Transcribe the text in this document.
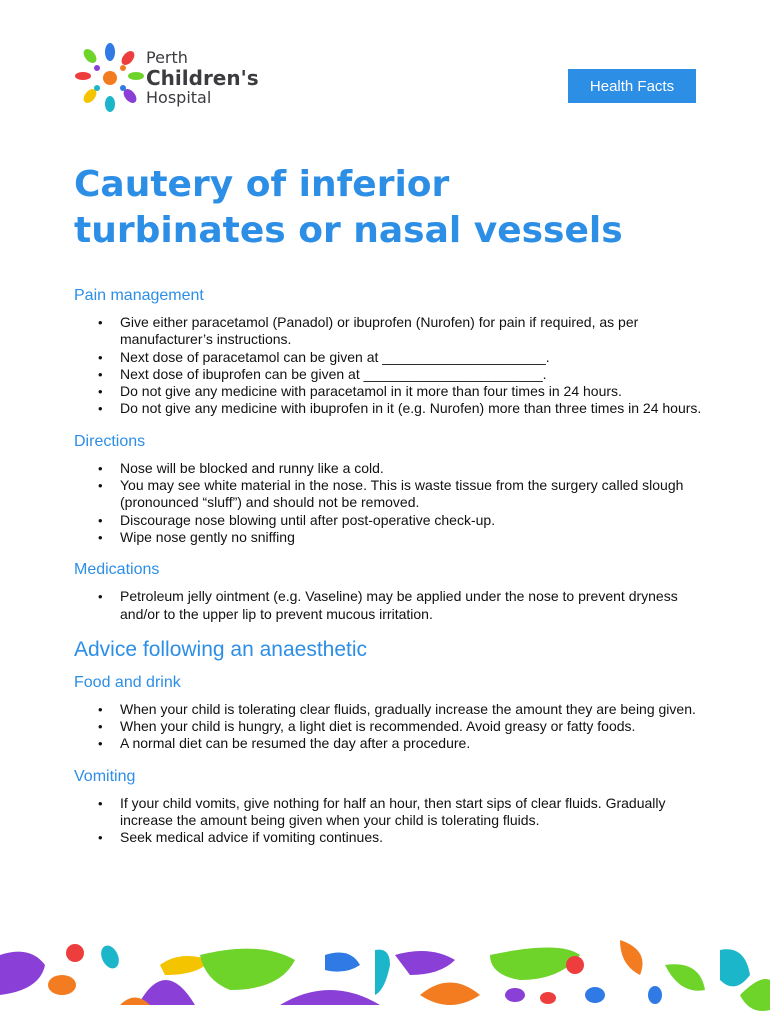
Perth
Children's
Hospital
Health Facts
Cautery of inferior
turbinates or nasal vessels
Pain management
• Give either paracetamol (Panadol) or ibuprofen (Nurofen) for pain if required, as per manufacturer’s instructions.
• Next dose of paracetamol can be given at _____________________.
• Next dose of ibuprofen can be given at _______________________.
• Do not give any medicine with paracetamol in it more than four times in 24 hours.
• Do not give any medicine with ibuprofen in it (e.g. Nurofen) more than three times in 24 hours.
Directions
• Nose will be blocked and runny like a cold.
• You may see white material in the nose. This is waste tissue from the surgery called slough (pronounced “sluff”) and should not be removed.
• Discourage nose blowing until after post-operative check-up.
• Wipe nose gently no sniffing
Medications
• Petroleum jelly ointment (e.g. Vaseline) may be applied under the nose to prevent dryness and/or to the upper lip to prevent mucous irritation.
Advice following an anaesthetic
Food and drink
• When your child is tolerating clear fluids, gradually increase the amount they are being given.
• When your child is hungry, a light diet is recommended. Avoid greasy or fatty foods.
• A normal diet can be resumed the day after a procedure.
Vomiting
• If your child vomits, give nothing for half an hour, then start sips of clear fluids. Gradually increase the amount being given when your child is tolerating fluids.
• Seek medical advice if vomiting continues.
